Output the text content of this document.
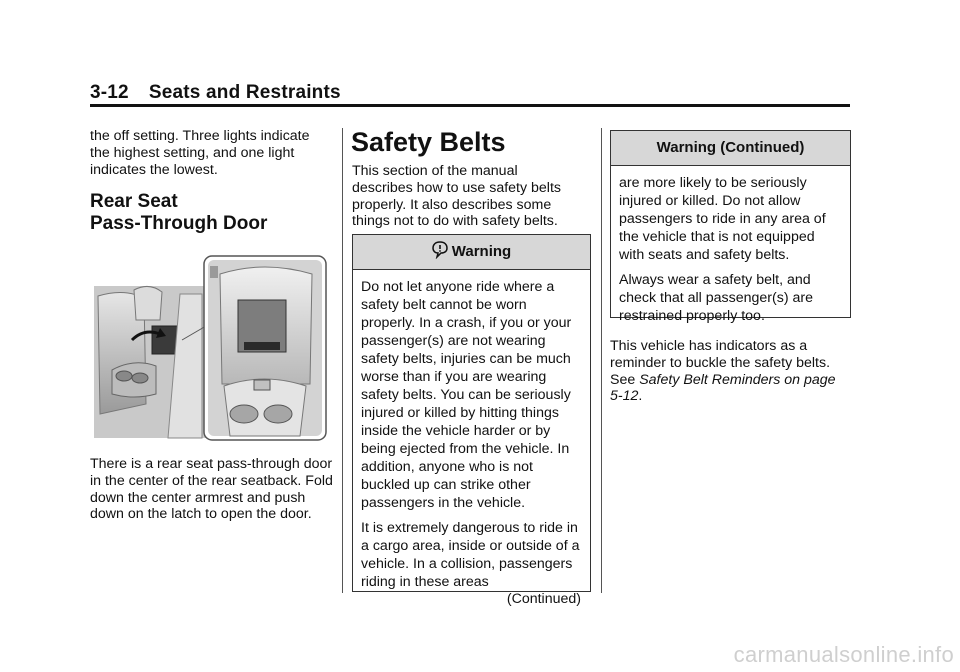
3-12 Seats and Restraints
the off setting. Three lights indicate the highest setting, and one light indicates the lowest.
Rear Seat
Pass-Through Door
There is a rear seat pass-through door in the center of the rear seatback. Fold down the center armrest and push down on the latch to open the door.
Safety Belts
This section of the manual describes how to use safety belts properly. It also describes some things not to do with safety belts.
Warning

Do not let anyone ride where a safety belt cannot be worn properly. In a crash, if you or your passenger(s) are not wearing safety belts, injuries can be much worse than if you are wearing safety belts. You can be seriously injured or killed by hitting things inside the vehicle harder or by being ejected from the vehicle. In addition, anyone who is not buckled up can strike other passengers in the vehicle.

It is extremely dangerous to ride in a cargo area, inside or outside of a vehicle. In a collision, passengers riding in these areas

(Continued)
Warning (Continued)

are more likely to be seriously injured or killed. Do not allow passengers to ride in any area of the vehicle that is not equipped with seats and safety belts.

Always wear a safety belt, and check that all passenger(s) are restrained properly too.

This vehicle has indicators as a reminder to buckle the safety belts. See Safety Belt Reminders on page 5-12.
carmanualsonline.info
